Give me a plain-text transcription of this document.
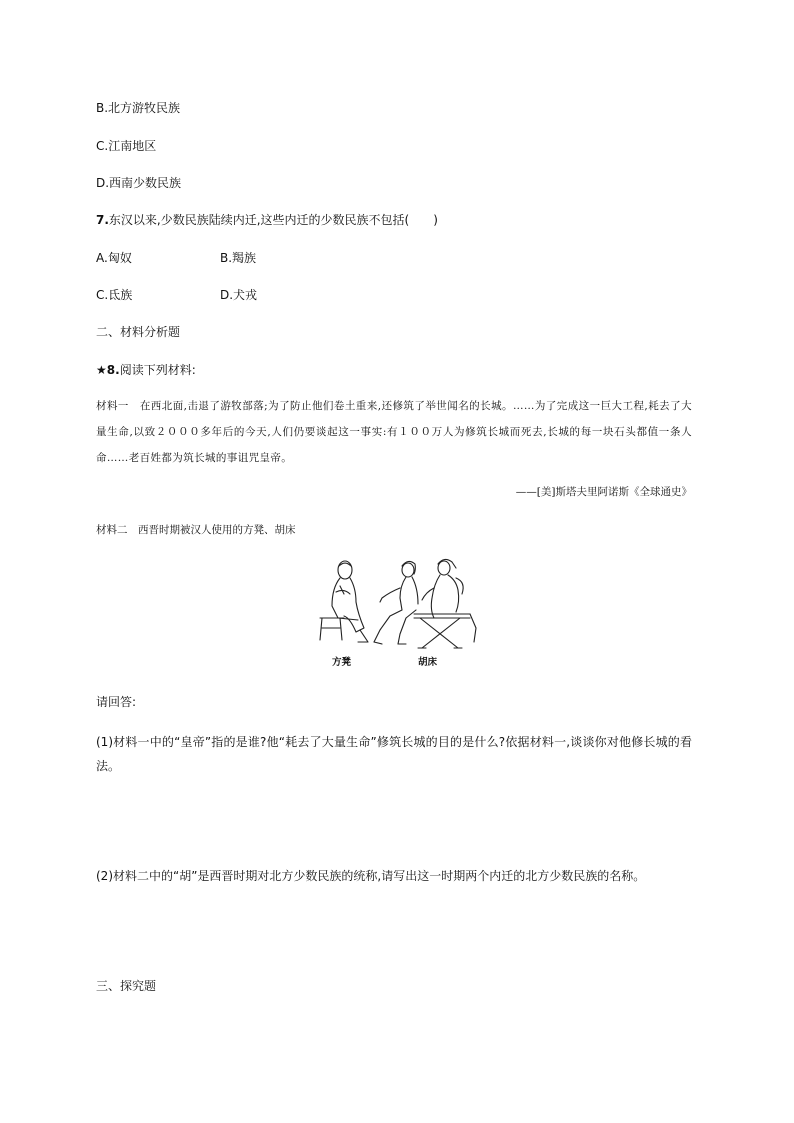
B.北方游牧民族
C.江南地区
D.西南少数民族
7.东汉以来,少数民族陆续内迁,这些内迁的少数民族不包括(　　)
A.匈奴	B.羯族
C.氐族	D.犬戎
二、材料分析题
★8.阅读下列材料:
材料一　在西北面,击退了游牧部落;为了防止他们卷土重来,还修筑了举世闻名的长城。……为了完成这一巨大工程,耗去了大量生命,以致２０００多年后的今天,人们仍要谈起这一事实:有１００万人为修筑长城而死去,长城的每一块石头都值一条人命……老百姓都为筑长城的事诅咒皇帝。
——[美]斯塔夫里阿诺斯《全球通史》
材料二　西晋时期被汉人使用的方凳、胡床
方凳	胡床
请回答:
(1)材料一中的“皇帝”指的是谁?他“耗去了大量生命”修筑长城的目的是什么?依据材料一,谈谈你对他修长城的看法。
(2)材料二中的“胡”是西晋时期对北方少数民族的统称,请写出这一时期两个内迁的北方少数民族的名称。
三、探究题
